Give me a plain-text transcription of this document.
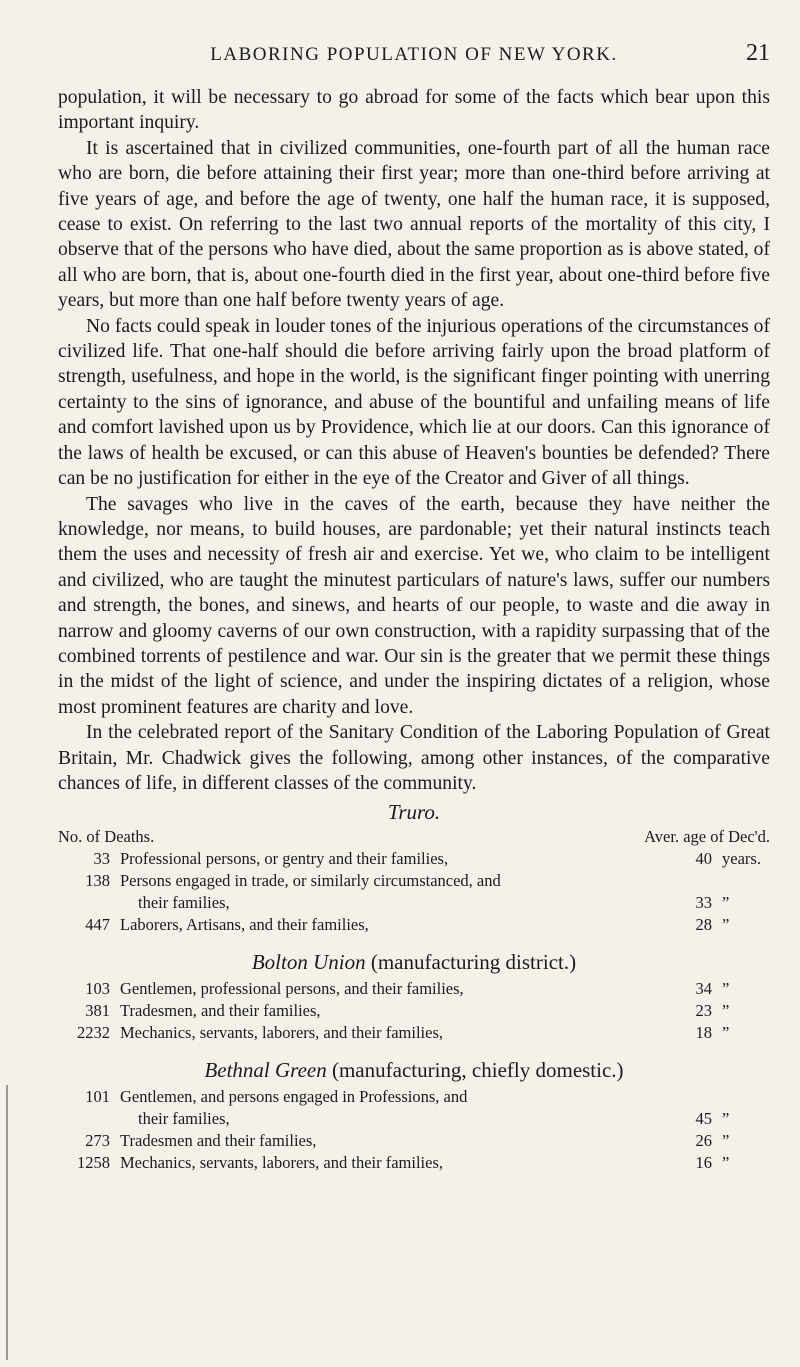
LABORING POPULATION OF NEW YORK.	21

population, it will be necessary to go abroad for some of the facts which bear upon this important inquiry.

It is ascertained that in civilized communities, one-fourth part of all the human race who are born, die before attaining their first year; more than one-third before arriving at five years of age, and before the age of twenty, one half the human race, it is supposed, cease to exist. On referring to the last two annual reports of the mortality of this city, I observe that of the persons who have died, about the same proportion as is above stated, of all who are born, that is, about one-fourth died in the first year, about one-third before five years, but more than one half before twenty years of age.

No facts could speak in louder tones of the injurious operations of the circumstances of civilized life. That one-half should die before arriving fairly upon the broad platform of strength, usefulness, and hope in the world, is the significant finger pointing with unerring certainty to the sins of ignorance, and abuse of the bountiful and unfailing means of life and comfort lavished upon us by Providence, which lie at our doors. Can this ignorance of the laws of health be excused, or can this abuse of Heaven's bounties be defended? There can be no justification for either in the eye of the Creator and Giver of all things.

The savages who live in the caves of the earth, because they have neither the knowledge, nor means, to build houses, are pardonable; yet their natural instincts teach them the uses and necessity of fresh air and exercise. Yet we, who claim to be intelligent and civilized, who are taught the minutest particulars of nature's laws, suffer our numbers and strength, the bones, and sinews, and hearts of our people, to waste and die away in narrow and gloomy caverns of our own construction, with a rapidity surpassing that of the combined torrents of pestilence and war. Our sin is the greater that we permit these things in the midst of the light of science, and under the inspiring dictates of a religion, whose most prominent features are charity and love.

In the celebrated report of the Sanitary Condition of the Laboring Population of Great Britain, Mr. Chadwick gives the following, among other instances, of the comparative chances of life, in different classes of the community.

Truro.
No. of Deaths.	Aver. age of Dec'd.
33 Professional persons, or gentry and their families,	40 years.
138 Persons engaged in trade, or similarly circumstanced, and
their families,	33 ”
447 Laborers, Artisans, and their families,	28 ”
Bolton Union (manufacturing district.)
103 Gentlemen, professional persons, and their families,	34 ”
381 Tradesmen, and their families,	23 ”
2232 Mechanics, servants, laborers, and their families,	18 ”
Bethnal Green (manufacturing, chiefly domestic.)
101 Gentlemen, and persons engaged in Professions, and
their families,	45 ”
273 Tradesmen and their families,	26 ”
1258 Mechanics, servants, laborers, and their families,	16 ”
